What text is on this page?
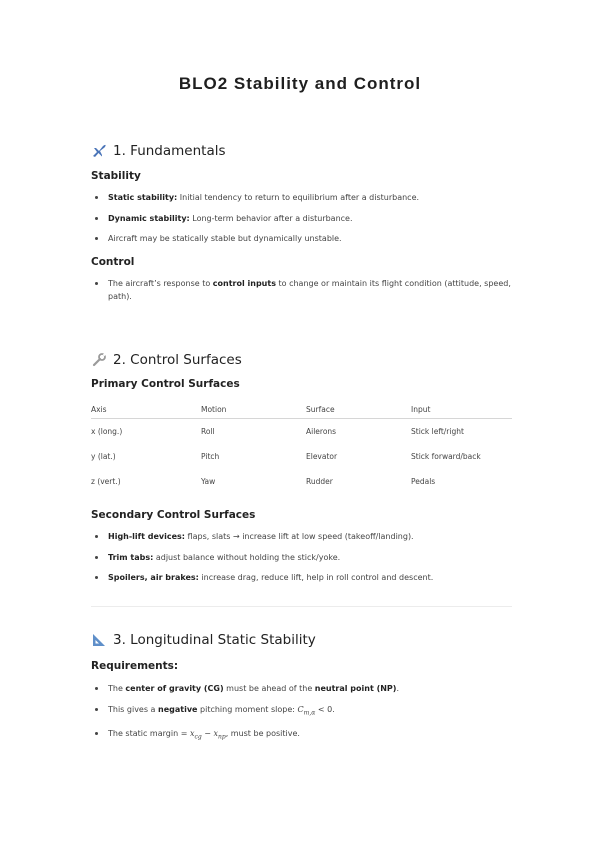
BLO2 Stability and Control
1. Fundamentals
Stability
Static stability: Initial tendency to return to equilibrium after a disturbance.
Dynamic stability: Long-term behavior after a disturbance.
Aircraft may be statically stable but dynamically unstable.
Control
The aircraft’s response to control inputs to change or maintain its flight condition (attitude, speed, path).
2. Control Surfaces
Primary Control Surfaces
Axis	Motion	Surface	Input
x (long.)	Roll	Ailerons	Stick left/right
y (lat.)	Pitch	Elevator	Stick forward/back
z (vert.)	Yaw	Rudder	Pedals
Secondary Control Surfaces
High-lift devices: flaps, slats → increase lift at low speed (takeoff/landing).
Trim tabs: adjust balance without holding the stick/yoke.
Spoilers, air brakes: increase drag, reduce lift, help in roll control and descent.
3. Longitudinal Static Stability
Requirements:
The center of gravity (CG) must be ahead of the neutral point (NP).
This gives a negative pitching moment slope: $C_{m,\alpha} < 0$.
The static margin = $x_{cg} - x_{np}$, must be positive.
